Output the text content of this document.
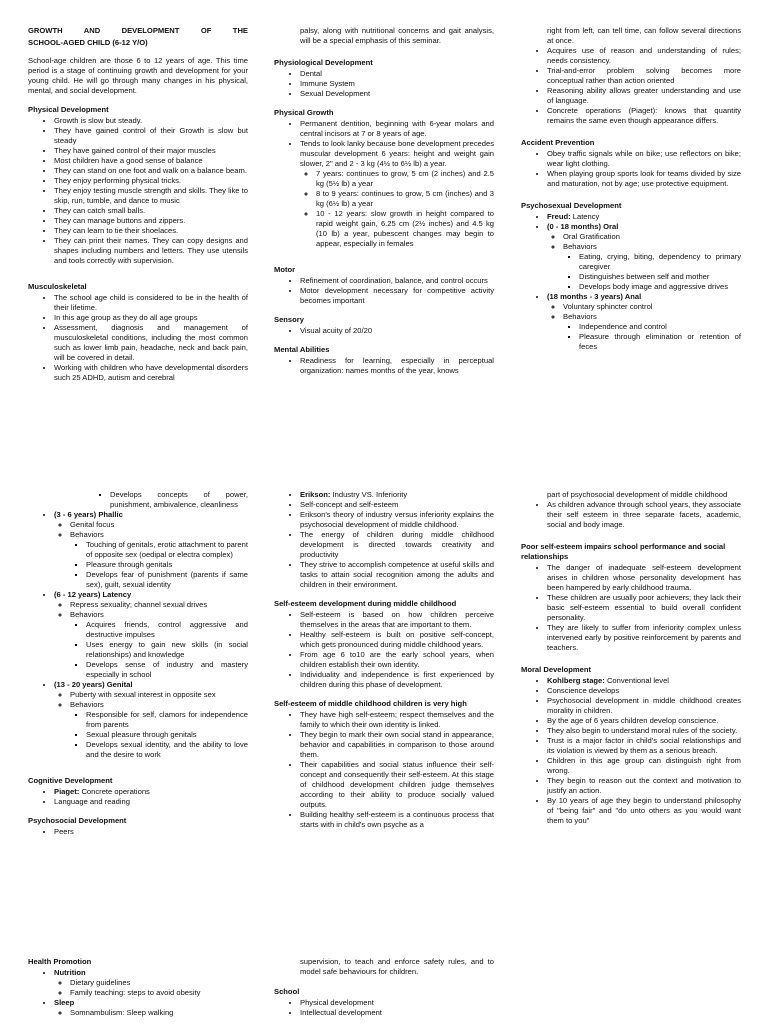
GROWTH AND DEVELOPMENT OF THE
SCHOOL-AGED CHILD (6-12 Y/O)

School-age children are those 6 to 12 years of age. This time period is a stage of continuing growth and development for your young child. He will go through many changes in his physical, mental, and social development.

Physical Development
• Growth is slow but steady.
• They have gained control of their Growth is slow but steady
• They have gained control of their major muscles
• Most children have a good sense of balance
• They can stand on one foot and walk on a balance beam.
• They enjoy performing physical tricks.
• They enjoy testing muscle strength and skills. They like to skip, run, tumble, and dance to music
• They can catch small balls.
• They can manage buttons and zippers.
• They can learn to tie their shoelaces.
• They can print their names. They can copy designs and shapes including numbers and letters. They use utensils and tools correctly with supervision.
Musculoskeletal
• The school age child is considered to be in the health of their lifetime.
• In this age group as they do all age groups
• Assessment, diagnosis and management of musculoskeletal conditions, including the most common such as lower limb pain, headache, neck and back pain, will be covered in detail.
• Working with children who have developmental disorders such 25 ADHD, autism and cerebral
palsy, along with nutritional concerns and gait analysis, will be a special emphasis of this seminar.
Physiological Development
• Dental
• Immune System
• Sexual Development
Physical Growth
• Permanent dentition, beginning with 6-year molars and central incisors at 7 or 8 years of age.
• Tends to look lanky because bone development precedes muscular development 6 years: height and weight gain slower, 2" and 2 - 3 kg (4½ to 6½ lb) a year.
◦ 7 years: continues to grow, 5 cm (2 inches) and 2.5 kg (5½ lb) a year
◦ 8 to 9 years: continues to grow, 5 cm (inches) and 3 kg (6½ lb) a year
◦ 10 - 12 years: slow growth in height compared to rapid weight gain, 6.25 cm (2½ inches) and 4.5 kg (10 lb) a year, pubescent changes may begin to appear, especially in females
Motor
• Refinement of coordination, balance, and control occurs
• Motor development necessary for competitive activity becomes important
Sensory
• Visual acuity of 20/20
Mental Abilities
• Readiness for learning, especially in perceptual organization: names months of the year, knows
right from left, can tell time, can follow several directions at once.
• Acquires use of reason and understanding of rules; needs consistency.
• Trial-and-error problem solving becomes more conceptual rather than action oriented
• Reasoning ability allows greater understanding and use of language.
• Concrete operations (Piaget): knows that quantity remains the same even though appearance differs.
Accident Prevention
• Obey traffic signals while on bike; use reflectors on bike; wear light clothing.
• When playing group sports look for teams divided by size and maturation, not by age; use protective equipment.
Psychosexual Development
• Freud: Latency
• (0 - 18 months) Oral
◦ Oral Gratification
◦ Behaviors
▪ Eating, crying, biting, dependency to primary caregiver
▪ Distinguishes between self and mother
▪ Develops body image and aggressive drives
• (18 months - 3 years) Anal
◦ Voluntary sphincter control
◦ Behaviors
▪ Independence and control
▪ Pleasure through elimination or retention of feces
▪ Develops concepts of power, punishment, ambivalence, cleanliness
• (3 - 6 years) Phallic
◦ Genital focus
◦ Behaviors
▪ Touching of genitals, erotic attachment to parent of opposite sex (oedipal or electra complex)
▪ Pleasure through genitals
▪ Develops fear of punishment (parents if same sex), guilt, sexual identity
• (6 - 12 years) Latency
◦ Repress sexuality; channel sexual drives
◦ Behaviors
▪ Acquires friends, control aggressive and destructive impulses
▪ Uses energy to gain new skills (in social relationships) and knowledge
▪ Develops sense of industry and mastery especially in school
• (13 - 20 years) Genital
◦ Puberty with sexual interest in opposite sex
◦ Behaviors
▪ Responsible for self, clamors for independence from parents
▪ Sexual pleasure through genitals
▪ Develops sexual identity, and the ability to love and the desire to work
Cognitive Development
• Piaget: Concrete operations
• Language and reading
Psychosocial Development
• Peers
• Erikson: Industry VS. Inferiority
• Self-concept and self-esteem
• Erikson's theory of industry versus inferiority explains the psychosocial development of middle childhood.
• The energy of children during middle childhood development is directed towards creativity and productivity
• They strive to accomplish competence at useful skills and tasks to attain social recognition among the adults and children in their environment.
Self-esteem development during middle childhood
• Self-esteem is based on how children perceive themselves in the areas that are important to them.
• Healthy self-esteem is built on positive self-concept, which gets pronounced during middle childhood years.
• From age 6 to10 are the early school years, when children establish their own identity.
• Individuality and independence is first experienced by children during this phase of development.
Self-esteem of middle childhood children is very high
• They have high self-esteem; respect themselves and the family to which their own identity is linked.
• They begin to mark their own social stand in appearance, behavior and capabilities in comparison to those around them.
• Their capabilities and social status influence their self-concept and consequently their self-esteem. At this stage of childhood development children judge themselves according to their ability to produce socially valued outputs.
• Building healthy self-esteem is a continuous process that starts with in child's own psyche as a
part of psychosocial development of middle childhood
• As children advance through school years, they associate their self esteem in three separate facets, academic, social and body image.
Poor self-esteem impairs school performance and social relationships
• The danger of inadequate self-esteem development arises in children whose personality development has been hampered by early childhood trauma.
• These children are usually poor achievers; they lack their basic self-esteem essential to build overall confident personality.
• They are likely to suffer from inferiority complex unless intervened early by positive reinforcement by parents and teachers.
Moral Development
• Kohlberg stage: Conventional level
• Conscience develops
• Psychosocial development in middle childhood creates morality in children.
• By the age of 6 years children develop conscience.
• They also begin to understand moral rules of the society.
• Trust is a major factor in child's social relationships and its violation is viewed by them as a serious breach.
• Children in this age group can distinguish right from wrong.
• They begin to reason out the context and motivation to justify an action.
• By 10 years of age they begin to understand philosophy of "being fair" and "do unto others as you would want them to you"
Health Promotion
• Nutrition
◦ Dietary guidelines
◦ Family teaching: steps to avoid obesity
• Sleep
◦ Somnambulism: Sleep walking
supervision, to teach and enforce safety rules, and to model safe behaviours for children.
School
• Physical development
• Intellectual development
